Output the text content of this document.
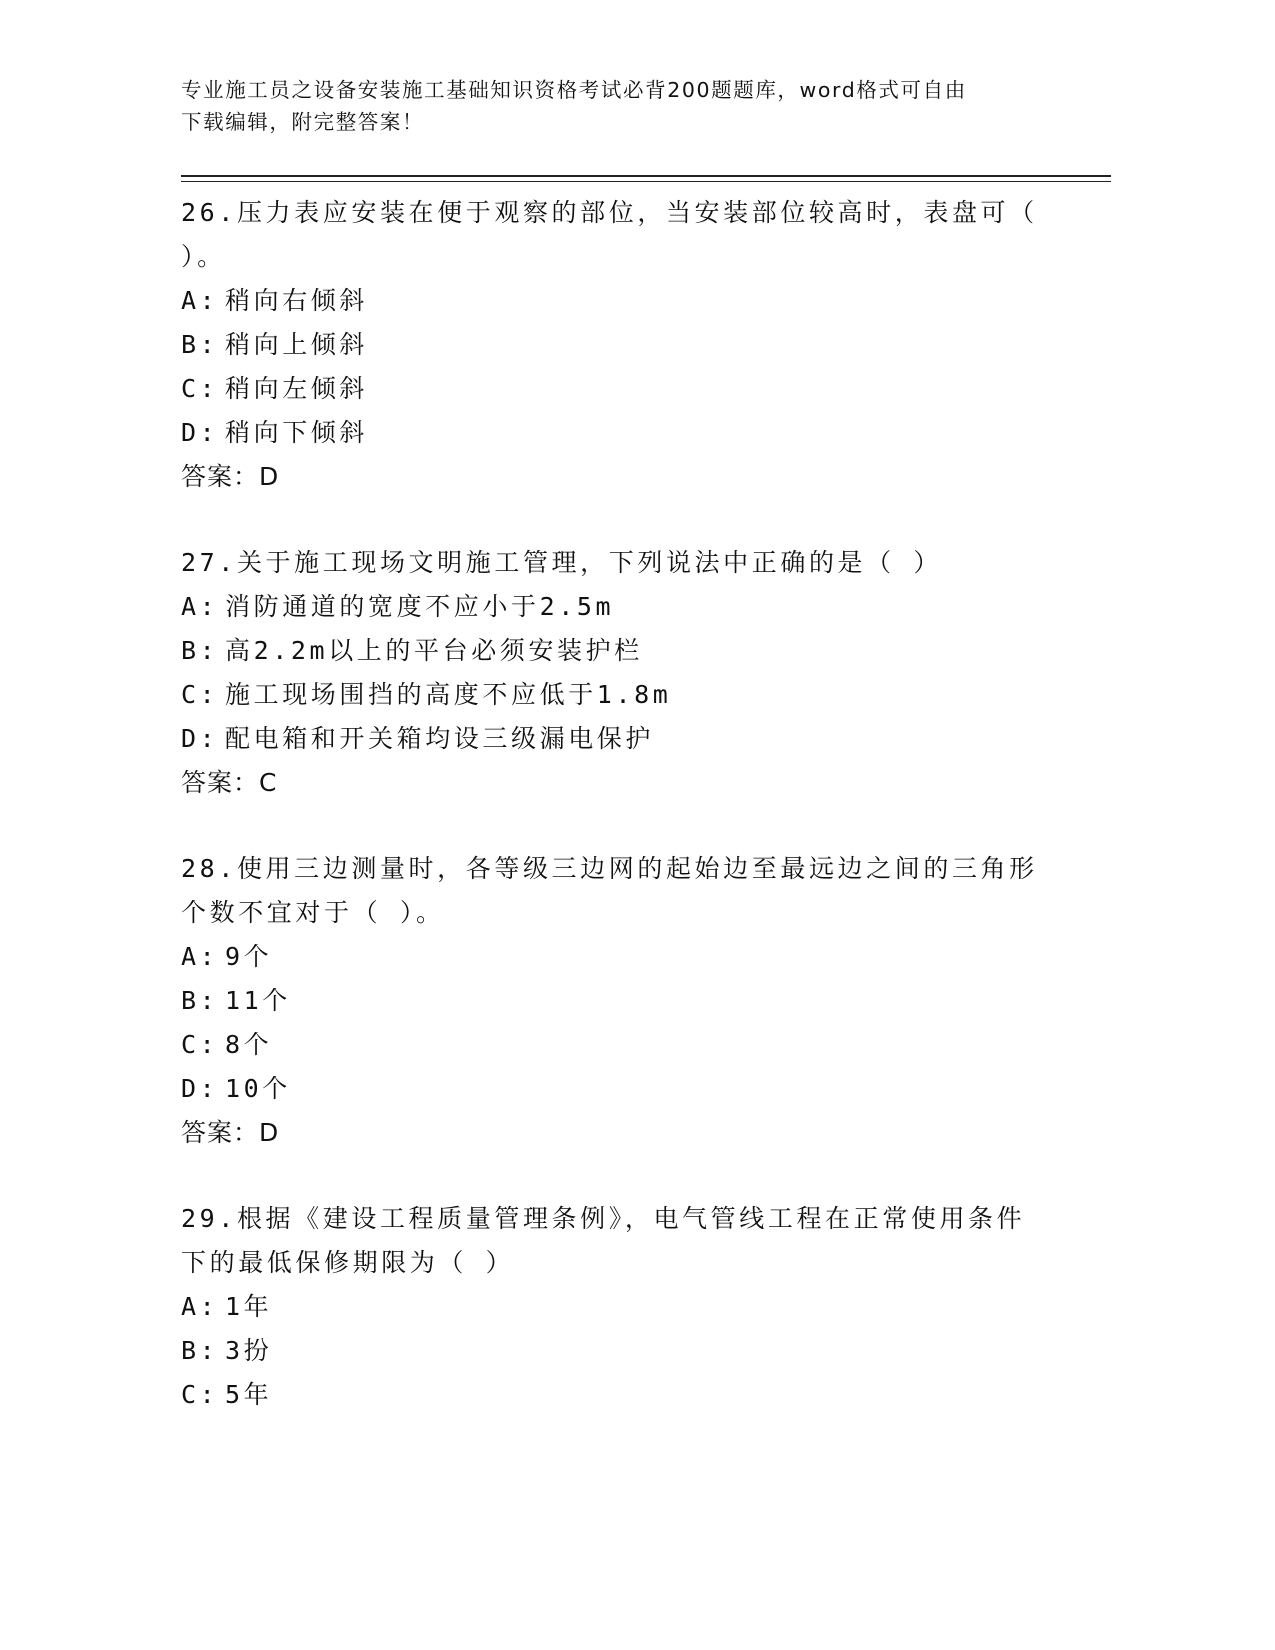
专业施工员之设备安装施工基础知识资格考试必背200题题库，word格式可自由
下载编辑，附完整答案！
26.压力表应安装在便于观察的部位，当安装部位较高时，表盘可（ ）。
A: 稍向右倾斜
B: 稍向上倾斜
C: 稍向左倾斜
D: 稍向下倾斜
答案：D
27.关于施工现场文明施工管理，下列说法中正确的是（ ）
A: 消防通道的宽度不应小于2.5m
B: 高2.2m以上的平台必须安装护栏
C: 施工现场围挡的高度不应低于1.8m
D: 配电箱和开关箱均设三级漏电保护
答案：C
28.使用三边测量时，各等级三边网的起始边至最远边之间的三角形个数不宜对于（ ）。
A: 9个
B: 11个
C: 8个
D: 10个
答案：D
29.根据《建设工程质量管理条例》，电气管线工程在正常使用条件下的最低保修期限为（ ）
A: 1年
B: 3扮
C: 5年
